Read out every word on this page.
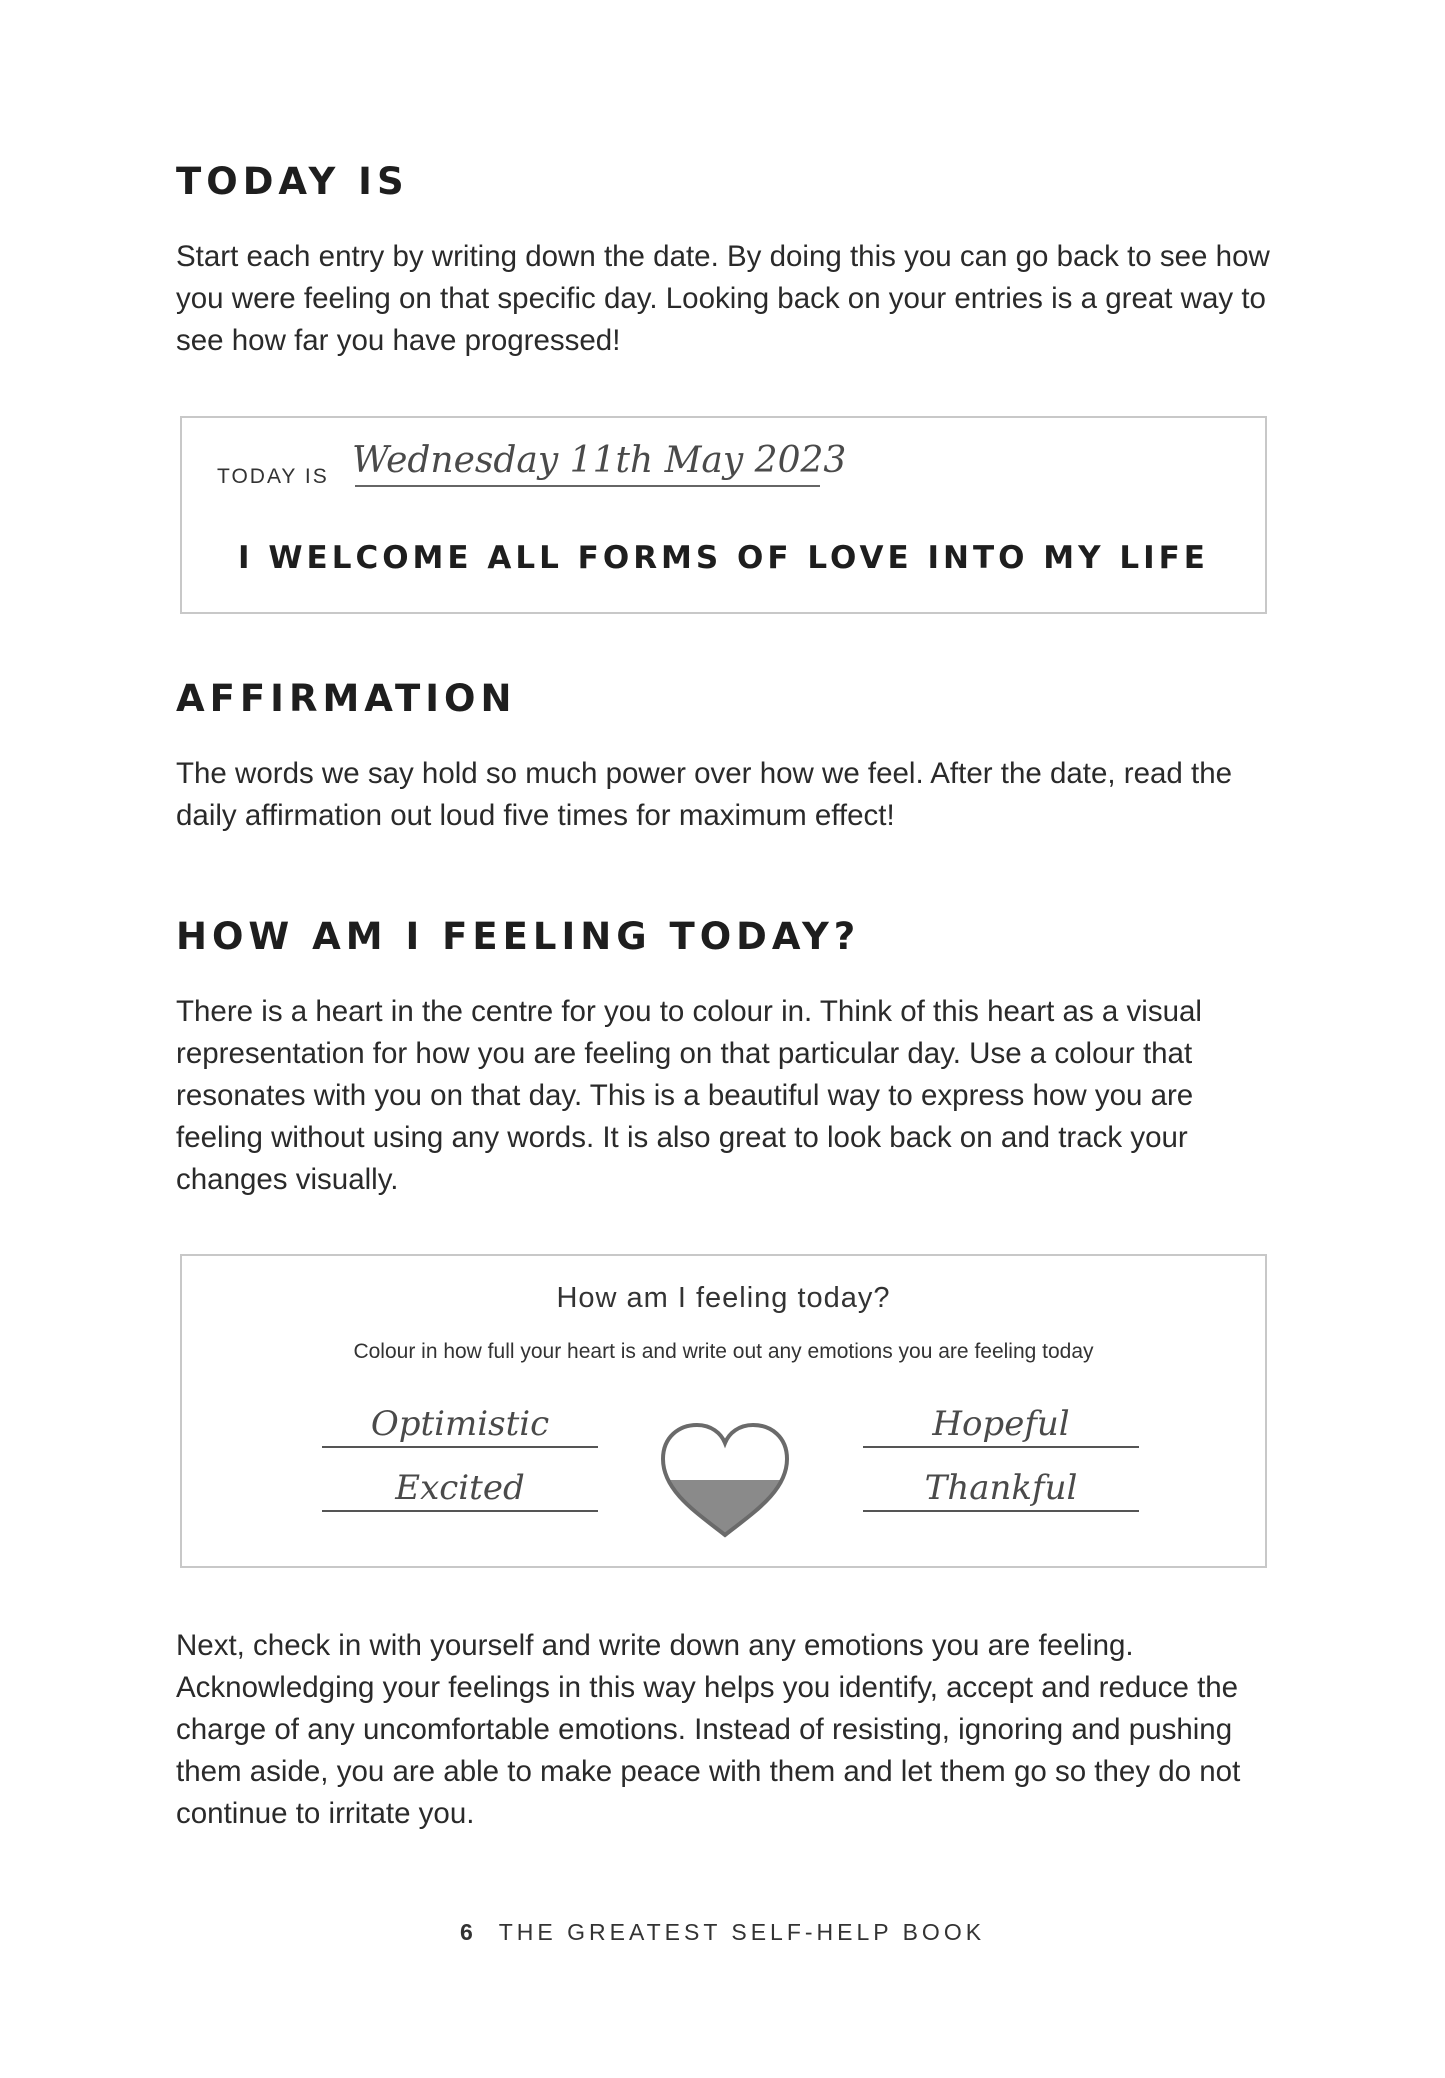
TODAY IS

Start each entry by writing down the date. By doing this you can go back to see how you were feeling on that specific day. Looking back on your entries is a great way to see how far you have progressed!

TODAY IS Wednesday 11th May 2023
I WELCOME ALL FORMS OF LOVE INTO MY LIFE
AFFIRMATION

The words we say hold so much power over how we feel. After the date, read the daily affirmation out loud five times for maximum effect!

HOW AM I FEELING TODAY?

There is a heart in the centre for you to colour in. Think of this heart as a visual representation for how you are feeling on that particular day. Use a colour that resonates with you on that day. This is a beautiful way to express how you are feeling without using any words. It is also great to look back on and track your changes visually.

How am I feeling today?
Colour in how full your heart is and write out any emotions you are feeling today
Optimistic
Excited
Hopeful
Thankful

Next, check in with yourself and write down any emotions you are feeling. Acknowledging your feelings in this way helps you identify, accept and reduce the charge of any uncomfortable emotions. Instead of resisting, ignoring and pushing them aside, you are able to make peace with them and let them go so they do not continue to irritate you.

6 THE GREATEST SELF-HELP BOOK
